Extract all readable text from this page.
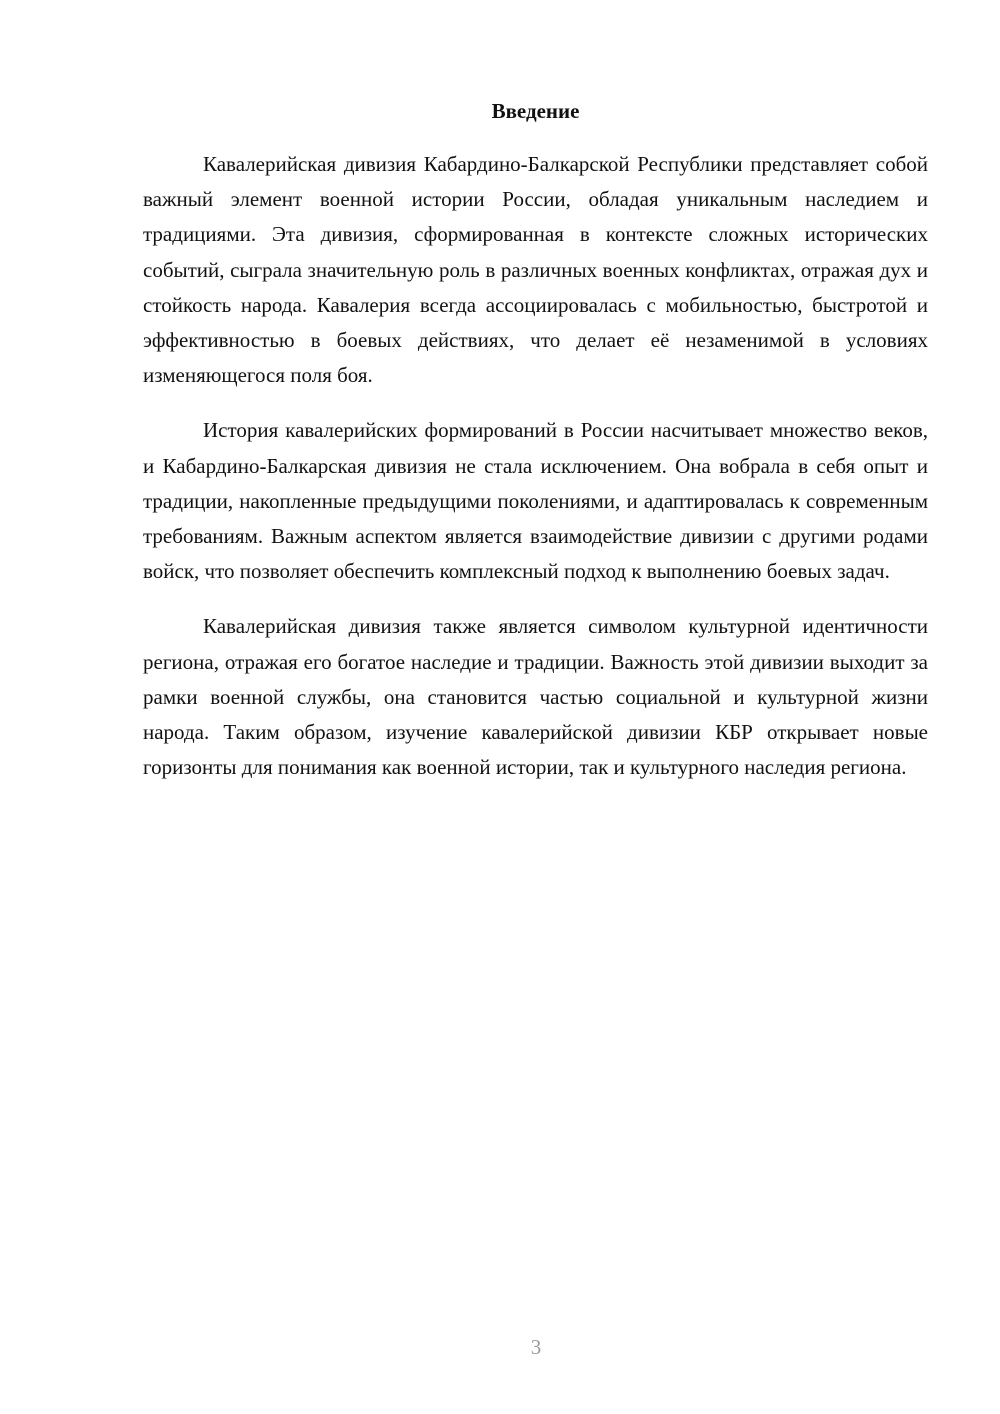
Введение

Кавалерийская дивизия Кабардино-Балкарской Республики представляет собой важный элемент военной истории России, обладая уникальным наследием и традициями. Эта дивизия, сформированная в контексте сложных исторических событий, сыграла значительную роль в различных военных конфликтах, отражая дух и стойкость народа. Кавалерия всегда ассоциировалась с мобильностью, быстротой и эффективностью в боевых действиях, что делает её незаменимой в условиях изменяющегося поля боя.

История кавалерийских формирований в России насчитывает множество веков, и Кабардино-Балкарская дивизия не стала исключением. Она вобрала в себя опыт и традиции, накопленные предыдущими поколениями, и адаптировалась к современным требованиям. Важным аспектом является взаимодействие дивизии с другими родами войск, что позволяет обеспечить комплексный подход к выполнению боевых задач.

Кавалерийская дивизия также является символом культурной идентичности региона, отражая его богатое наследие и традиции. Важность этой дивизии выходит за рамки военной службы, она становится частью социальной и культурной жизни народа. Таким образом, изучение кавалерийской дивизии КБР открывает новые горизонты для понимания как военной истории, так и культурного наследия региона.

3
